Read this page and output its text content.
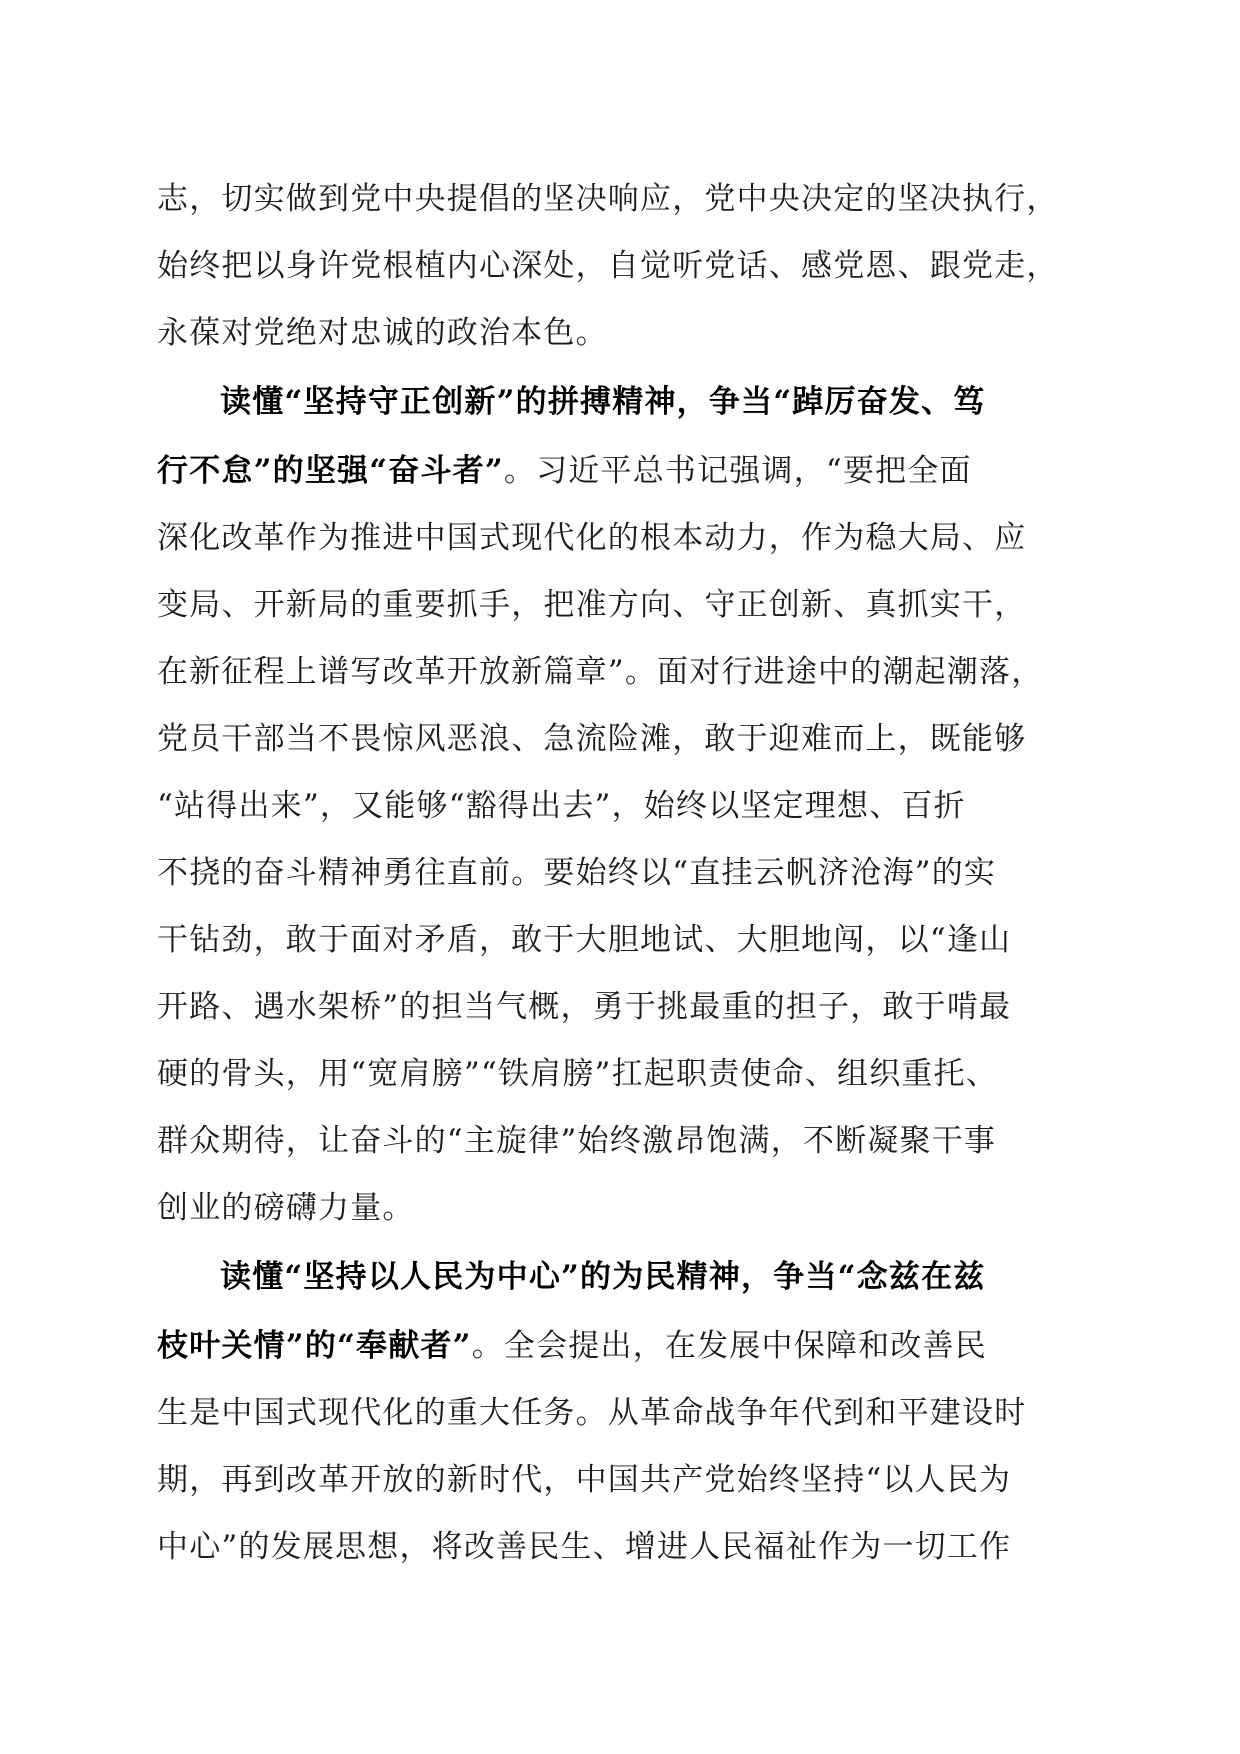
志，切实做到党中央提倡的坚决响应，党中央决定的坚决执行，
始终把以身许党根植内心深处，自觉听党话、感党恩、跟党走，
永葆对党绝对忠诚的政治本色。
读懂“坚持守正创新”的拼搏精神，争当“踔厉奋发、笃
行不怠”的坚强“奋斗者”。习近平总书记强调，“要把全面
深化改革作为推进中国式现代化的根本动力，作为稳大局、应
变局、开新局的重要抓手，把准方向、守正创新、真抓实干，
在新征程上谱写改革开放新篇章”。面对行进途中的潮起潮落，
党员干部当不畏惊风恶浪、急流险滩，敢于迎难而上，既能够
“站得出来”，又能够“豁得出去”，始终以坚定理想、百折
不挠的奋斗精神勇往直前。要始终以“直挂云帆济沧海”的实
干钻劲，敢于面对矛盾，敢于大胆地试、大胆地闯，以“逢山
开路、遇水架桥”的担当气概，勇于挑最重的担子，敢于啃最
硬的骨头，用“宽肩膀”“铁肩膀”扛起职责使命、组织重托、
群众期待，让奋斗的“主旋律”始终激昂饱满，不断凝聚干事
创业的磅礴力量。
读懂“坚持以人民为中心”的为民精神，争当“念兹在兹
枝叶关情”的“奉献者”。全会提出，在发展中保障和改善民
生是中国式现代化的重大任务。从革命战争年代到和平建设时
期，再到改革开放的新时代，中国共产党始终坚持“以人民为
中心”的发展思想，将改善民生、增进人民福祉作为一切工作
